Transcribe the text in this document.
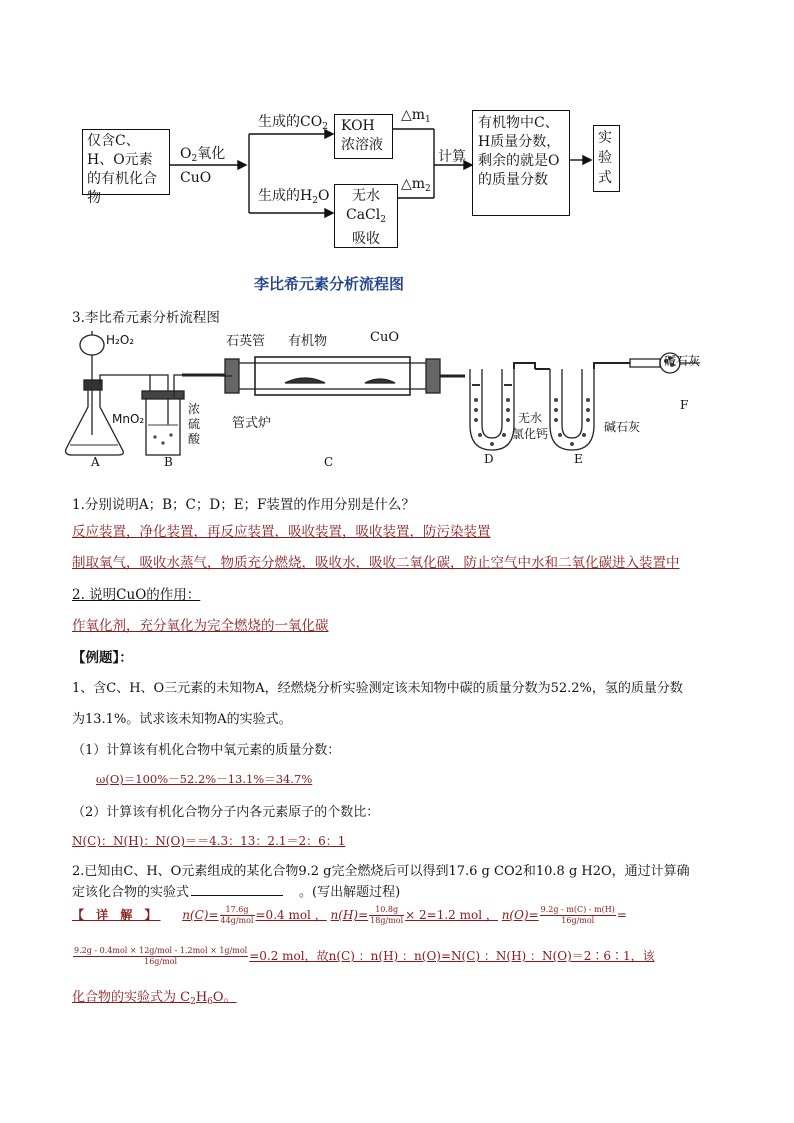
仅含C、H、O元素的有机化合物
$O_2$氧化
CuO
生成的$CO_2$
生成的$H_2O$
KOH浓溶液
无水
CaCl$_2$
吸收
$\triangle m_1$
$\triangle m_2$
计算
有机物中C、H质量分数，剩余的就是O的质量分数
实验式
李比希元素分析流程图
3.李比希元素分析流程图
H₂O₂
MnO₂
石英管 有机物	CuO
浓
硫
酸
管式炉	无水
氯化钙	碱石灰
碱石灰
A	B	C	D	E
F
1.分别说明A；B；C；D；E；F装置的作用分别是什么？
反应装置，净化装置，再反应装置，吸收装置，吸收装置，防污染装置
制取氧气，吸收水蒸气，物质充分燃烧，吸收水，吸收二氧化碳，防止空气中水和二氧化碳进入装置中
2. 说明CuO的作用：
作氧化剂，充分氧化为完全燃烧的一氧化碳
【例题】：
1、含C、H、O三元素的未知物A，经燃烧分析实验测定该未知物中碳的质量分数为52.2%，氢的质量分数
为13.1%。试求该未知物A的实验式。
（1）计算该有机化合物中氧元素的质量分数：
ω(O)＝100%－52.2%－13.1%＝34.7%
（2）计算该有机化合物分子内各元素原子的个数比：
N(C)：N(H)：N(O)＝＝4.3：13：2.1＝2：6：1
2.已知由C、H、O元素组成的某化合物9.2 g完全燃烧后可以得到17.6 g CO2和10.8 g H2O，通过计算确
定该化合物的实验式	。(写出解题过程)
【 详 解 】 $n(C)= \frac{17.6g}{\text{44g/mol}} =0.4$ mol ， $n(H)= \frac{10.8g}{\text{18g/mol}} \times 2=1.2$ mol ， $n(O)= \frac{9.2g - m(C) - m(H)}{\text{16g/mol}}$ =
$\frac{\text{9.2g - 0.4mol × 12g/mol - 1.2mol × 1g/mol}}{\text{16g/mol}} =0.2$ mol，故n(C) ：n(H) ：n(O)=N(C) ：N(H) ：N(O)＝2∶6∶1，该
化合物的实验式为 $C_2H_6O$。
